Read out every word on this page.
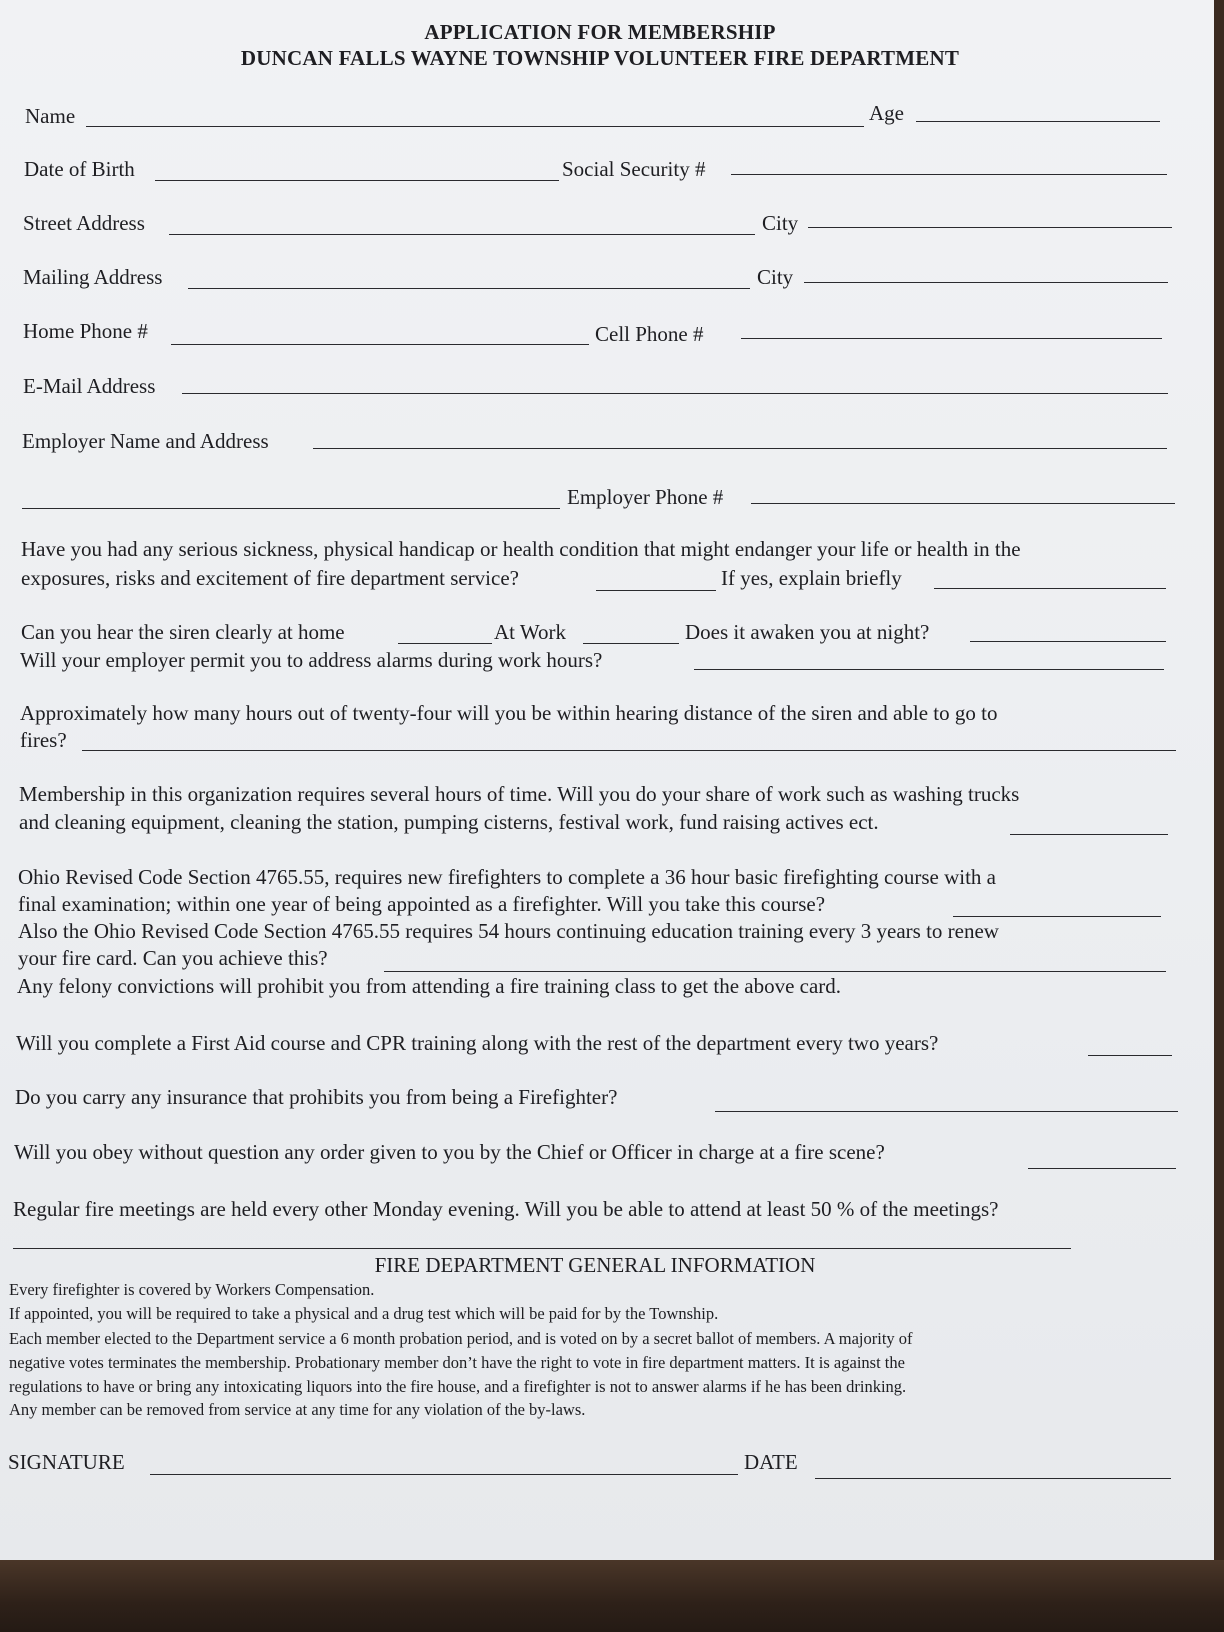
APPLICATION FOR MEMBERSHIP
DUNCAN FALLS WAYNE TOWNSHIP VOLUNTEER FIRE DEPARTMENT
Name	Age
Date of Birth	Social Security #
Street Address	City
Mailing Address	City
Home Phone #	Cell Phone #
E-Mail Address
Employer Name and Address
Employer Phone #
Have you had any serious sickness, physical handicap or health condition that might endanger your life or health in the
exposures, risks and excitement of fire department service?	If yes, explain briefly
Can you hear the siren clearly at home	At Work	Does it awaken you at night?
Will your employer permit you to address alarms during work hours?
Approximately how many hours out of twenty-four will you be within hearing distance of the siren and able to go to
fires?
Membership in this organization requires several hours of time. Will you do your share of work such as washing trucks
and cleaning equipment, cleaning the station, pumping cisterns, festival work, fund raising actives ect.
Ohio Revised Code Section 4765.55, requires new firefighters to complete a 36 hour basic firefighting course with a
final examination; within one year of being appointed as a firefighter. Will you take this course?
Also the Ohio Revised Code Section 4765.55 requires 54 hours continuing education training every 3 years to renew
your fire card. Can you achieve this?
Any felony convictions will prohibit you from attending a fire training class to get the above card.
Will you complete a First Aid course and CPR training along with the rest of the department every two years?
Do you carry any insurance that prohibits you from being a Firefighter?
Will you obey without question any order given to you by the Chief or Officer in charge at a fire scene?
Regular fire meetings are held every other Monday evening. Will you be able to attend at least 50 % of the meetings?
FIRE DEPARTMENT GENERAL INFORMATION
Every firefighter is covered by Workers Compensation.
If appointed, you will be required to take a physical and a drug test which will be paid for by the Township.
Each member elected to the Department service a 6 month probation period, and is voted on by a secret ballot of members. A majority of
negative votes terminates the membership. Probationary member don’t have the right to vote in fire department matters. It is against the
regulations to have or bring any intoxicating liquors into the fire house, and a firefighter is not to answer alarms if he has been drinking.
Any member can be removed from service at any time for any violation of the by-laws.
SIGNATURE	DATE
